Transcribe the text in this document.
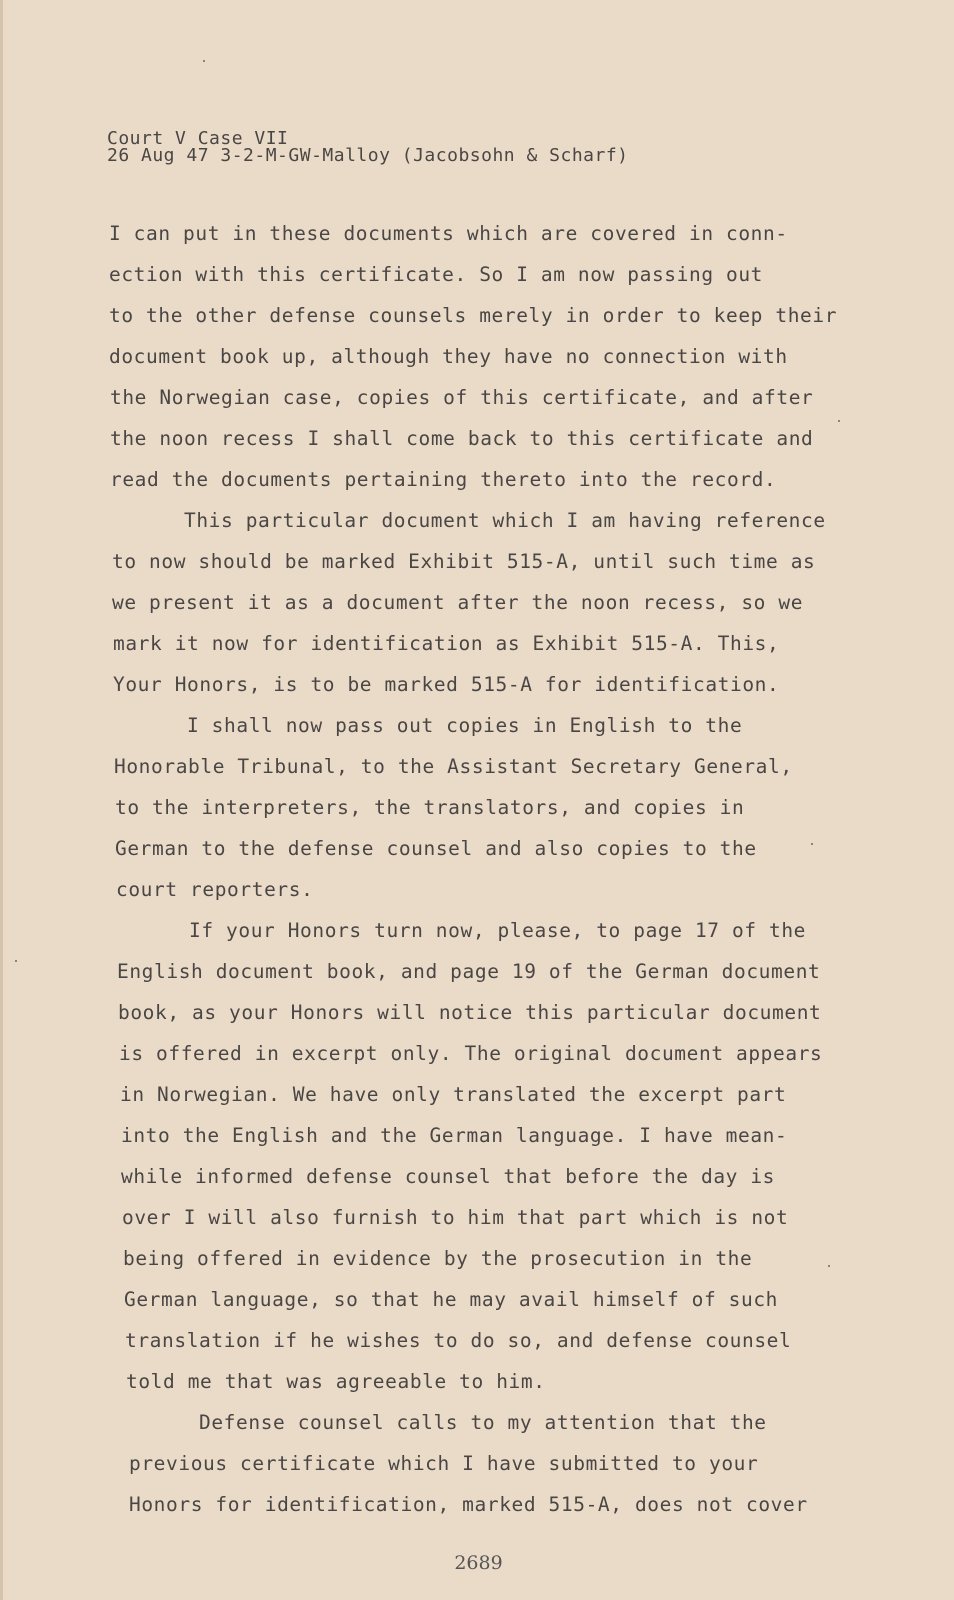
Court V Case VII
26 Aug 47 3-2-M-GW-Malloy (Jacobsohn & Scharf)
I can put in these documents which are covered in conn-
ection with this certificate. So I am now passing out
to the other defense counsels merely in order to keep their
document book up, although they have no connection with
the Norwegian case, copies of this certificate, and after
the noon recess I shall come back to this certificate and
read the documents pertaining thereto into the record.
This particular document which I am having reference
to now should be marked Exhibit 515-A, until such time as
we present it as a document after the noon recess, so we
mark it now for identification as Exhibit 515-A. This,
Your Honors, is to be marked 515-A for identification.
I shall now pass out copies in English to the
Honorable Tribunal, to the Assistant Secretary General,
to the interpreters, the translators, and copies in
German to the defense counsel and also copies to the
court reporters.
If your Honors turn now, please, to page 17 of the
English document book, and page 19 of the German document
book, as your Honors will notice this particular document
is offered in excerpt only. The original document appears
in Norwegian. We have only translated the excerpt part
into the English and the German language. I have mean-
while informed defense counsel that before the day is
over I will also furnish to him that part which is not
being offered in evidence by the prosecution in the
German language, so that he may avail himself of such
translation if he wishes to do so, and defense counsel
told me that was agreeable to him.
Defense counsel calls to my attention that the
previous certificate which I have submitted to your
Honors for identification, marked 515-A, does not cover
2689
